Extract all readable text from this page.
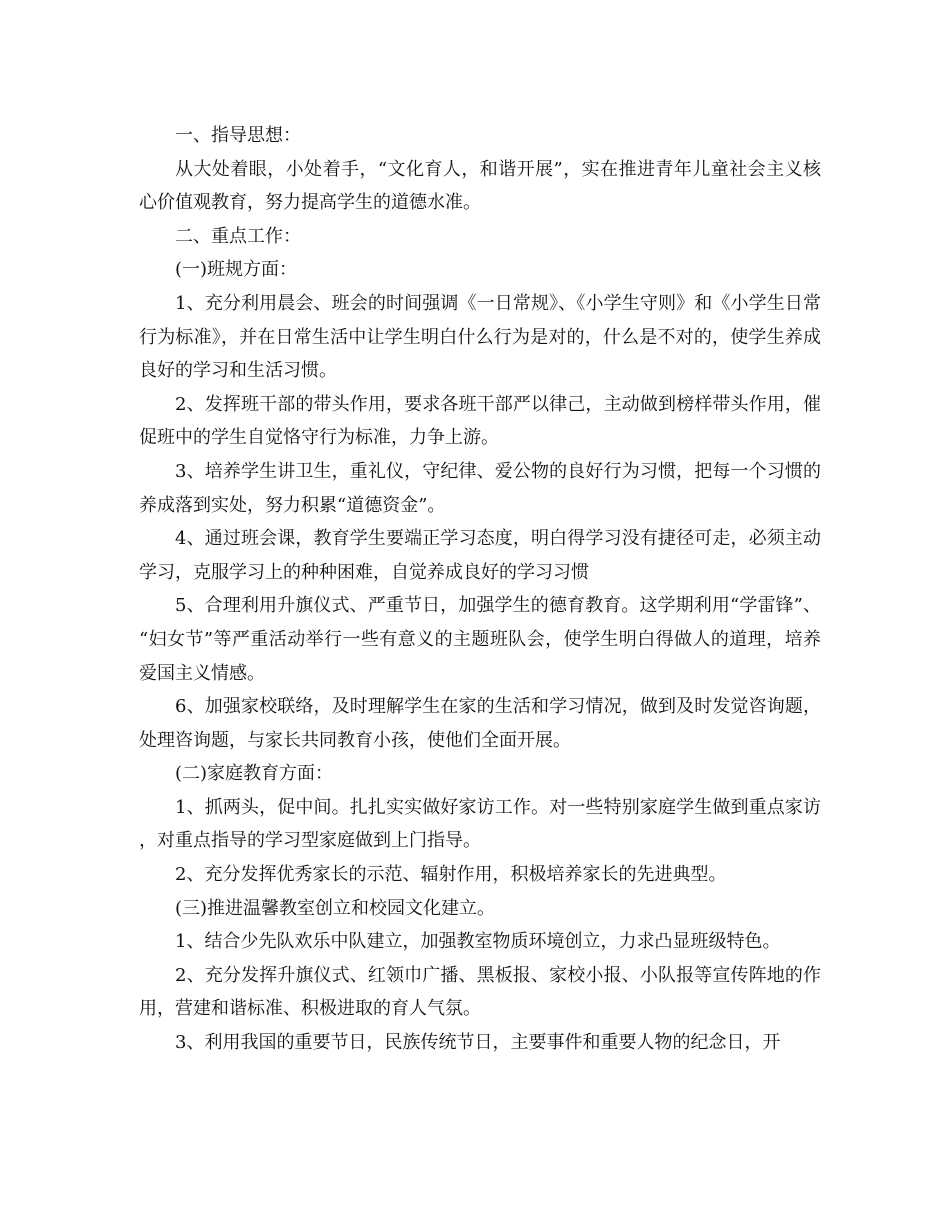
一、指导思想：

从大处着眼，小处着手，“文化育人，和谐开展”，实在推进青年儿童社会主义核心价值观教育，努力提高学生的道德水准。

二、重点工作：

(一)班规方面：

1、充分利用晨会、班会的时间强调《一日常规》、《小学生守则》和《小学生日常行为标准》，并在日常生活中让学生明白什么行为是对的，什么是不对的，使学生养成良好的学习和生活习惯。

2、发挥班干部的带头作用，要求各班干部严以律己，主动做到榜样带头作用，催促班中的学生自觉恪守行为标准，力争上游。

3、培养学生讲卫生，重礼仪，守纪律、爱公物的良好行为习惯，把每一个习惯的养成落到实处，努力积累“道德资金”。

4、通过班会课，教育学生要端正学习态度，明白得学习没有捷径可走，必须主动学习，克服学习上的种种困难，自觉养成良好的学习习惯

5、合理利用升旗仪式、严重节日，加强学生的德育教育。这学期利用“学雷锋”、“妇女节”等严重活动举行一些有意义的主题班队会，使学生明白得做人的道理，培养爱国主义情感。

6、加强家校联络，及时理解学生在家的生活和学习情况，做到及时发觉咨询题，处理咨询题，与家长共同教育小孩，使他们全面开展。

(二)家庭教育方面：

1、抓两头，促中间。扎扎实实做好家访工作。对一些特别家庭学生做到重点家访，对重点指导的学习型家庭做到上门指导。

2、充分发挥优秀家长的示范、辐射作用，积极培养家长的先进典型。

(三)推进温馨教室创立和校园文化建立。

1、结合少先队欢乐中队建立，加强教室物质环境创立，力求凸显班级特色。

2、充分发挥升旗仪式、红领巾广播、黑板报、家校小报、小队报等宣传阵地的作用，营建和谐标准、积极进取的育人气氛。

3、利用我国的重要节日，民族传统节日，主要事件和重要人物的纪念日，开
